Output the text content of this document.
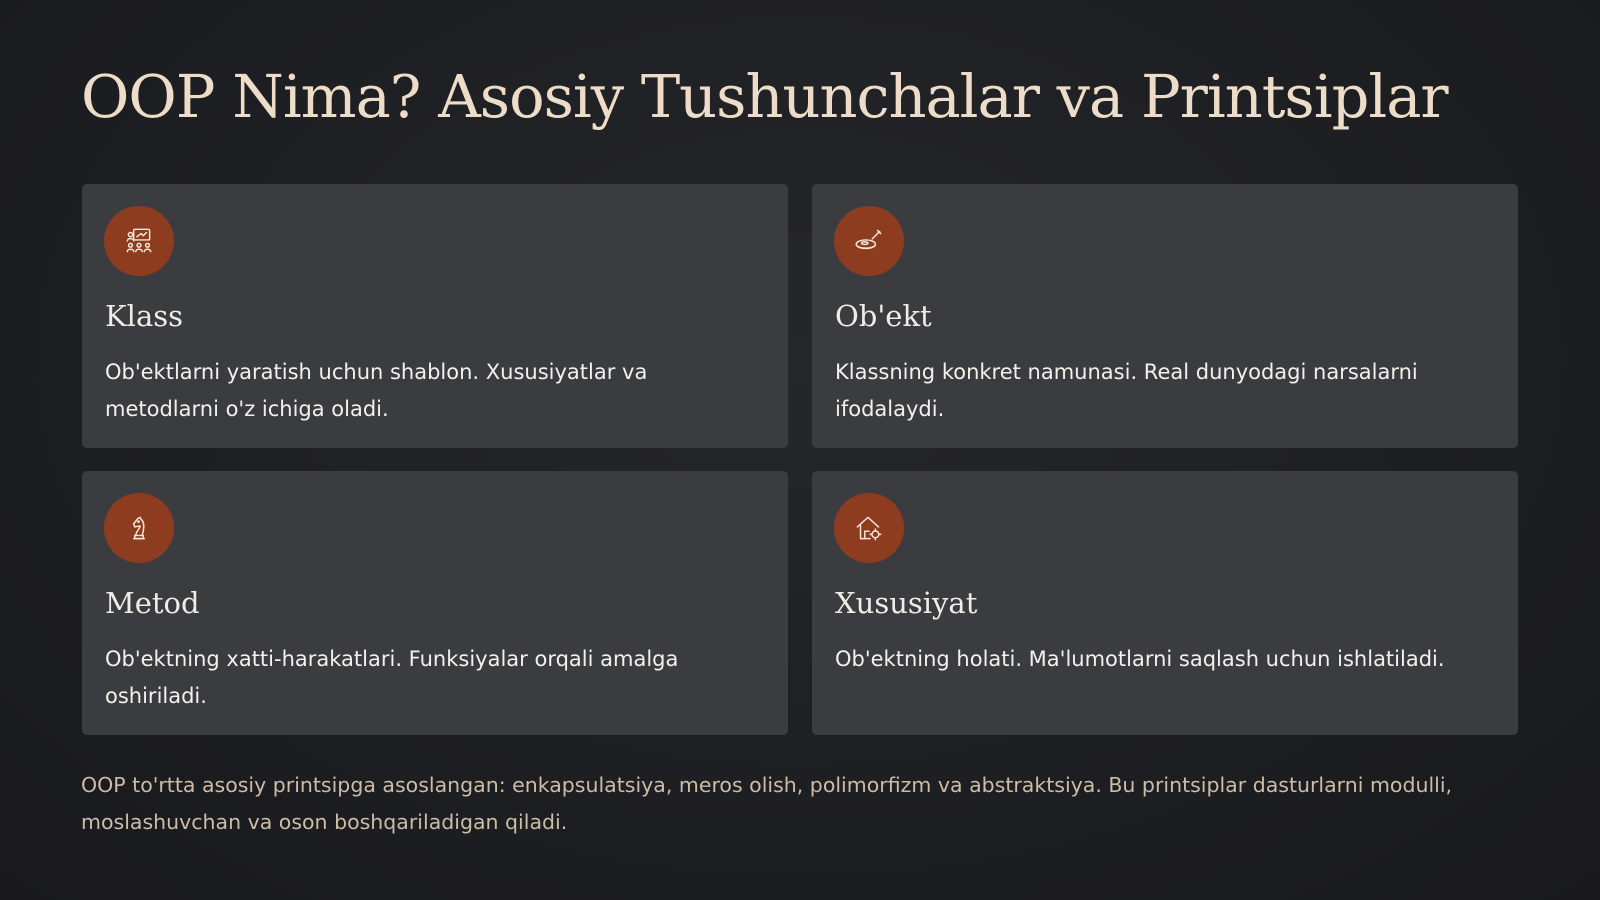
OOP Nima? Asosiy Tushunchalar va Printsiplar
Klass

Ob'ektlarni yaratish uchun shablon. Xususiyatlar va metodlarni o'z ichiga oladi.

Ob'ekt

Klassning konkret namunasi. Real dunyodagi narsalarni ifodalaydi.

Metod

Ob'ektning xatti-harakatlari. Funksiyalar orqali amalga oshiriladi.

Xususiyat

Ob'ektning holati. Ma'lumotlarni saqlash uchun ishlatiladi.

OOP to'rtta asosiy printsipga asoslangan: enkapsulatsiya, meros olish, polimorfizm va abstraktsiya. Bu printsiplar dasturlarni modulli, moslashuvchan va oson boshqariladigan qiladi.
